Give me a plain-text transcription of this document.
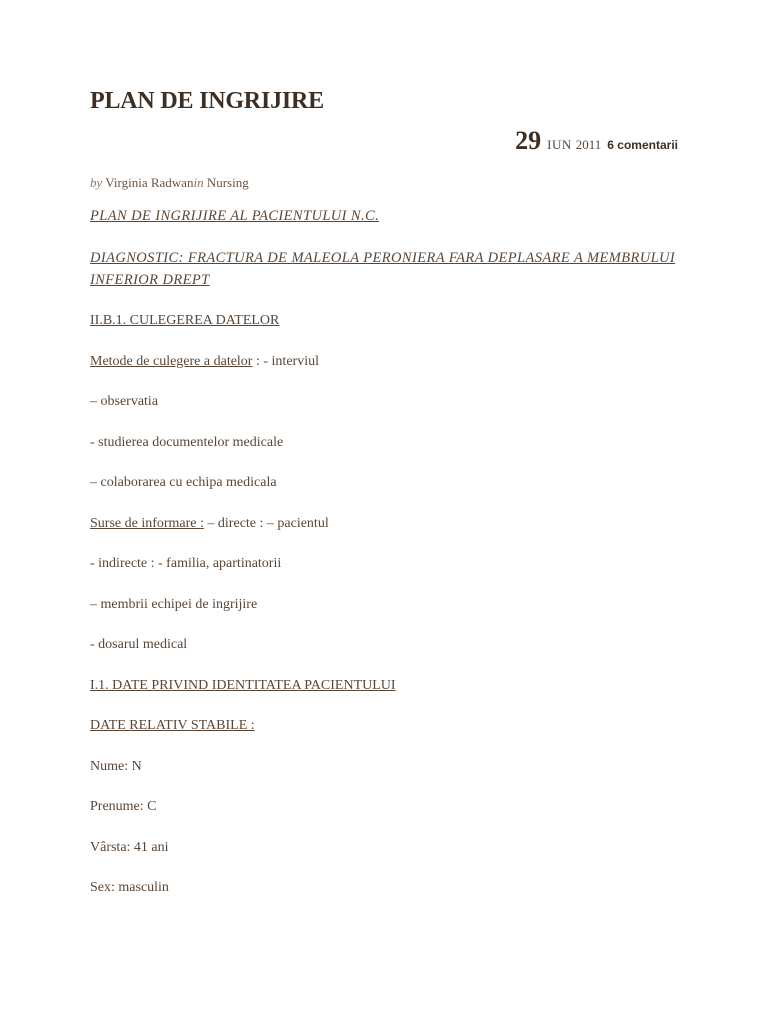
PLAN DE INGRIJIRE
29 IUN 2011 6 comentarii
by Virginia Radwanin Nursing

PLAN DE INGRIJIRE AL PACIENTULUI N.C.

DIAGNOSTIC: FRACTURA DE MALEOLA PERONIERA FARA DEPLASARE A MEMBRULUI INFERIOR DREPT

II.B.1. CULEGEREA DATELOR

Metode de culegere a datelor : - interviul

– observatia

- studierea documentelor medicale

– colaborarea cu echipa medicala

Surse de informare : – directe : – pacientul

- indirecte : - familia, apartinatorii

– membrii echipei de ingrijire

- dosarul medical

I.1. DATE PRIVIND IDENTITATEA PACIENTULUI

DATE RELATIV STABILE :

Nume: N

Prenume: C

Vârsta: 41 ani

Sex: masculin
